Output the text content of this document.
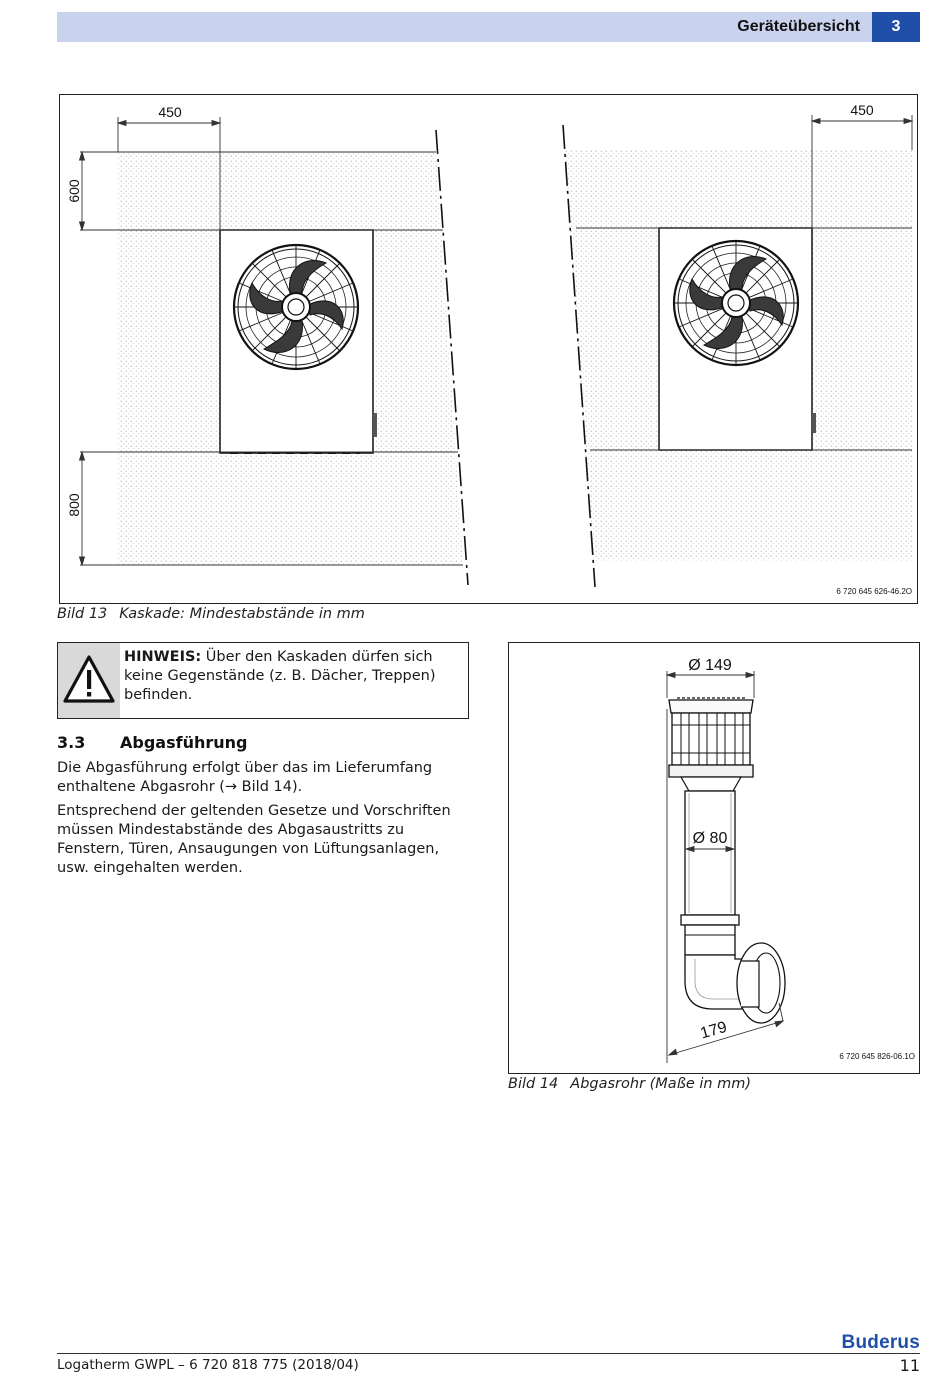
Geräteübersicht	3
450	450
600
800
6 720 645 626-46.2O
Bild 13 Kaskade: Mindestabstände in mm
HINWEIS: Über den Kaskaden dürfen sich keine Gegenstände (z. B. Dächer, Treppen) befinden.
3.3 Abgasführung
Die Abgasführung erfolgt über das im Lieferumfang enthaltene Abgasrohr (→ Bild 14).
Entsprechend der geltenden Gesetze und Vorschriften müssen Mindestabstände des Abgasaustritts zu Fenstern, Türen, Ansaugungen von Lüftungsanlagen, usw. eingehalten werden.
Ø 149
Ø 80
179
6 720 645 826-06.1O
Bild 14 Abgasrohr (Maße in mm)
Buderus
Logatherm GWPL – 6 720 818 775 (2018/04)	11
